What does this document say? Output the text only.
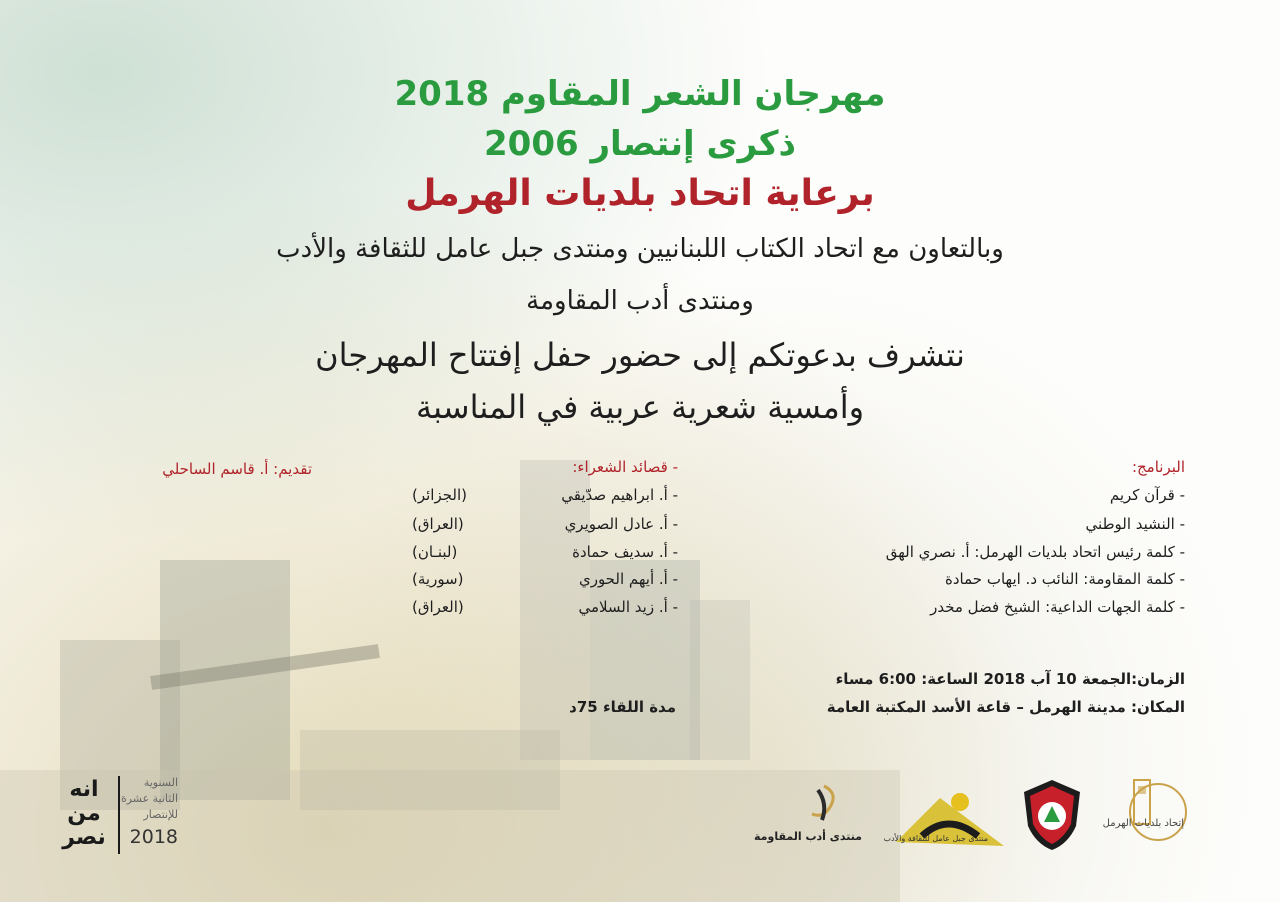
مهرجان الشعر المقاوم 2018
ذكرى إنتصار 2006
برعاية اتحاد بلديات الهرمل
وبالتعاون مع اتحاد الكتاب اللبنانيين ومنتدى جبل عامل للثقافة والأدب
ومنتدى أدب المقاومة
نتشرف بدعوتكم إلى حضور حفل إفتتاح المهرجان
وأمسية شعرية عربية في المناسبة
البرنامج:
- قرآن كريم
- النشيد الوطني
- كلمة رئيس اتحاد بلديات الهرمل: أ. نصري الهق
- كلمة المقاومة: النائب د. ايهاب حمادة
- كلمة الجهات الداعية: الشيخ فضل مخدر
- قصائد الشعراء:
- أ. ابراهيم صدّيقي
(الجزائر)
- أ. عادل الصويري
(العراق)
- أ. سديف حمادة
(لبنـان)
- أ. أيهم الحوري
(سورية)
- أ. زيد السلامي
(العراق)
تقديم: أ. قاسم الساحلي
الزمان:الجمعة 10 آب 2018 الساعة: 6:00 مساء
المكان: مدينة الهرمل – قاعة الأسد المكتبة العامة
مدة اللقاء 75د
إتحاد بلديات الهرمل
منتدى جبل عامل للثقافة والأدب
منتدى أدب المقاومة
انه من نصر
السنوية
الثانية عشرة
للإنتصار
2018
